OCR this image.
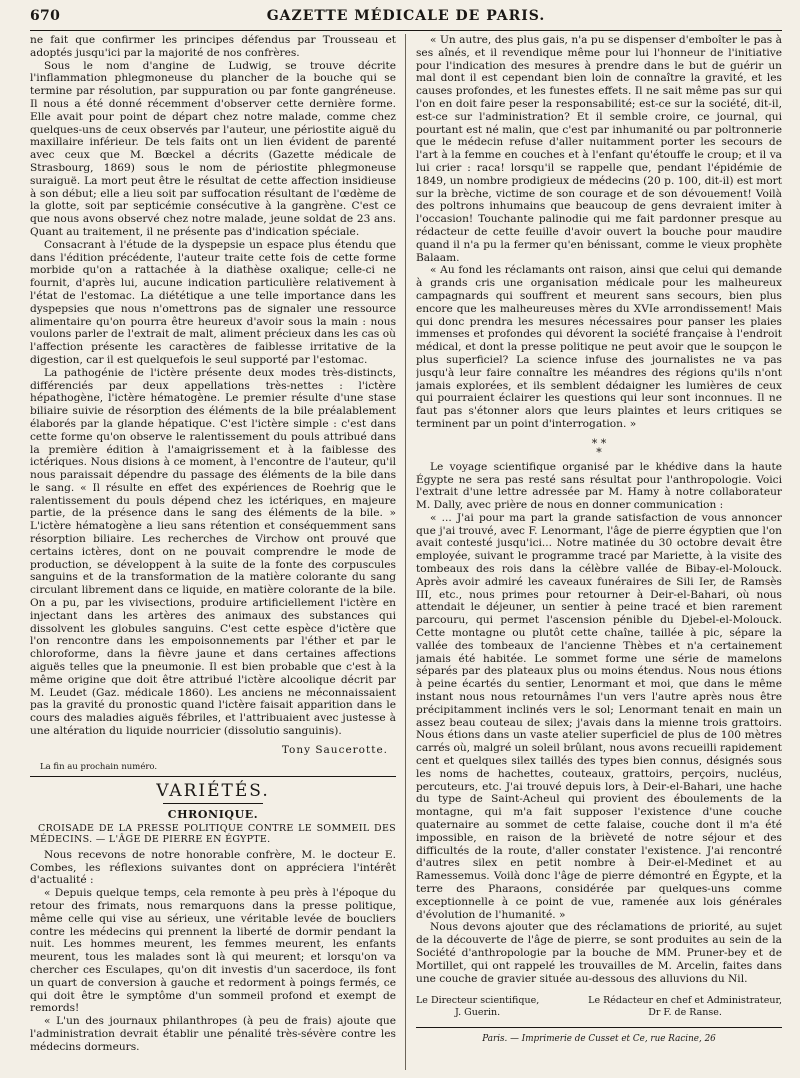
670	GAZETTE MÉDICALE DE PARIS.

ne fait que confirmer les principes défendus par Trousseau et adoptés jusqu'ici par la majorité de nos confrères.

Sous le nom d'angine de Ludwig, se trouve décrite l'inflammation phlegmoneuse du plancher de la bouche qui se termine par résolution, par suppuration ou par fonte gangréneuse. Il nous a été donné récemment d'observer cette dernière forme. Elle avait pour point de départ chez notre malade, comme chez quelques-uns de ceux observés par l'auteur, une périostite aiguë du maxillaire inférieur. De tels faits ont un lien évident de parenté avec ceux que M. Bœckel a décrits (Gazette médicale de Strasbourg, 1869) sous le nom de périostite phlegmoneuse suraiguë. La mort peut être le résultat de cette affection insidieuse à son début; elle a lieu soit par suffocation résultant de l'œdème de la glotte, soit par septicémie consécutive à la gangrène. C'est ce que nous avons observé chez notre malade, jeune soldat de 23 ans. Quant au traitement, il ne présente pas d'indication spéciale.

Consacrant à l'étude de la dyspepsie un espace plus étendu que dans l'édition précédente, l'auteur traite cette fois de cette forme morbide qu'on a rattachée à la diathèse oxalique; celle-ci ne fournit, d'après lui, aucune indication particulière relativement à l'état de l'estomac. La diététique a une telle importance dans les dyspepsies que nous n'omettrons pas de signaler une ressource alimentaire qu'on pourra être heureux d'avoir sous la main : nous voulons parler de l'extrait de malt, aliment précieux dans les cas où l'affection présente les caractères de faiblesse irritative de la digestion, car il est quelquefois le seul supporté par l'estomac.

La pathogénie de l'ictère présente deux modes très-distincts, différenciés par deux appellations très-nettes : l'ictère hépathogène, l'ictère hématogène. Le premier résulte d'une stase biliaire suivie de résorption des éléments de la bile préalablement élaborés par la glande hépatique. C'est l'ictère simple : c'est dans cette forme qu'on observe le ralentissement du pouls attribué dans la première édition à l'amaigrissement et à la faiblesse des ictériques. Nous disions à ce moment, à l'encontre de l'auteur, qu'il nous paraissait dépendre du passage des éléments de la bile dans le sang. « Il résulte en effet des expériences de Roehrig que le ralentissement du pouls dépend chez les ictériques, en majeure partie, de la présence dans le sang des éléments de la bile. » L'ictère hématogène a lieu sans rétention et conséquemment sans résorption biliaire. Les recherches de Virchow ont prouvé que certains ictères, dont on ne pouvait comprendre le mode de production, se développent à la suite de la fonte des corpuscules sanguins et de la transformation de la matière colorante du sang circulant librement dans ce liquide, en matière colorante de la bile. On a pu, par les vivisections, produire artificiellement l'ictère en injectant dans les artères des animaux des substances qui dissolvent les globules sanguins. C'est cette espèce d'ictère que l'on rencontre dans les empoisonnements par l'éther et par le chloroforme, dans la fièvre jaune et dans certaines affections aiguës telles que la pneumonie. Il est bien probable que c'est à la même origine que doit être attribué l'ictère alcoolique décrit par M. Leudet (Gaz. médicale 1860). Les anciens ne méconnaissaient pas la gravité du pronostic quand l'ictère faisait apparition dans le cours des maladies aiguës fébriles, et l'attribuaient avec justesse à une altération du liquide nourricier (dissolutio sanguinis).

Tony Saucerotte.
La fin au prochain numéro.
VARIÉTÉS.
CHRONIQUE.
CROISADE DE LA PRESSE POLITIQUE CONTRE LE SOMMEIL DES MÉDECINS. — L'ÂGE DE PIERRE EN ÉGYPTE.

Nous recevons de notre honorable confrère, M. le docteur E. Combes, les réflexions suivantes dont on appréciera l'intérêt d'actualité :

« Depuis quelque temps, cela remonte à peu près à l'époque du retour des frimats, nous remarquons dans la presse politique, même celle qui vise au sérieux, une véritable levée de boucliers contre les médecins qui prennent la liberté de dormir pendant la nuit. Les hommes meurent, les femmes meurent, les enfants meurent, tous les malades sont là qui meurent; et lorsqu'on va chercher ces Esculapes, qu'on dit investis d'un sacerdoce, ils font un quart de conversion à gauche et redorment à poings fermés, ce qui doit être le symptôme d'un sommeil profond et exempt de remords!

« L'un des journaux philanthropes (à peu de frais) ajoute que l'administration devrait établir une pénalité très-sévère contre les médecins dormeurs.

« Un autre, des plus gais, n'a pu se dispenser d'emboîter le pas à ses aînés, et il revendique même pour lui l'honneur de l'initiative pour l'indication des mesures à prendre dans le but de guérir un mal dont il est cependant bien loin de connaître la gravité, et les causes profondes, et les funestes effets. Il ne sait même pas sur qui l'on en doit faire peser la responsabilité; est-ce sur la société, dit-il, est-ce sur l'administration? Et il semble croire, ce journal, qui pourtant est né malin, que c'est par inhumanité ou par poltronnerie que le médecin refuse d'aller nuitamment porter les secours de l'art à la femme en couches et à l'enfant qu'étouffe le croup; et il va lui crier : raca! lorsqu'il se rappelle que, pendant l'épidémie de 1849, un nombre prodigieux de médecins (20 p. 100, dit-il) est mort sur la brèche, victime de son courage et de son dévouement! Voilà des poltrons inhumains que beaucoup de gens devraient imiter à l'occasion! Touchante palinodie qui me fait pardonner presque au rédacteur de cette feuille d'avoir ouvert la bouche pour maudire quand il n'a pu la fermer qu'en bénissant, comme le vieux prophète Balaam.

« Au fond les réclamants ont raison, ainsi que celui qui demande à grands cris une organisation médicale pour les malheureux campagnards qui souffrent et meurent sans secours, bien plus encore que les malheureuses mères du XVIe arrondissement! Mais qui donc prendra les mesures nécessaires pour panser les plaies immenses et profondes qui dévorent la société française à l'endroit médical, et dont la presse politique ne peut avoir que le soupçon le plus superficiel? La science infuse des journalistes ne va pas jusqu'à leur faire connaître les méandres des régions qu'ils n'ont jamais explorées, et ils semblent dédaigner les lumières de ceux qui pourraient éclairer les questions qui leur sont inconnues. Il ne faut pas s'étonner alors que leurs plaintes et leurs critiques se terminent par un point d'interrogation. »

* *
*

Le voyage scientifique organisé par le khédive dans la haute Égypte ne sera pas resté sans résultat pour l'anthropologie. Voici l'extrait d'une lettre adressée par M. Hamy à notre collaborateur M. Dally, avec prière de nous en donner communication :

« ... J'ai pour ma part la grande satisfaction de vous annoncer que j'ai trouvé, avec F. Lenormant, l'âge de pierre égyptien que l'on avait contesté jusqu'ici... Notre matinée du 30 octobre devait être employée, suivant le programme tracé par Mariette, à la visite des tombeaux des rois dans la célèbre vallée de Bibay-el-Molouck. Après avoir admiré les caveaux funéraires de Sili Ier, de Ramsès III, etc., nous primes pour retourner à Deir-el-Bahari, où nous attendait le déjeuner, un sentier à peine tracé et bien rarement parcouru, qui permet l'ascension pénible du Djebel-el-Molouck. Cette montagne ou plutôt cette chaîne, taillée à pic, sépare la vallée des tombeaux de l'ancienne Thèbes et n'a certainement jamais été habitée. Le sommet forme une série de mamelons séparés par des plateaux plus ou moins étendus. Nous nous étions à peine écartés du sentier, Lenormant et moi, que dans le même instant nous nous retournâmes l'un vers l'autre après nous être précipitamment inclinés vers le sol; Lenormant tenait en main un assez beau couteau de silex; j'avais dans la mienne trois grattoirs. Nous étions dans un vaste atelier superficiel de plus de 100 mètres carrés où, malgré un soleil brûlant, nous avons recueilli rapidement cent et quelques silex taillés des types bien connus, désignés sous les noms de hachettes, couteaux, grattoirs, perçoirs, nucléus, percuteurs, etc. J'ai trouvé depuis lors, à Deir-el-Bahari, une hache du type de Saint-Acheul qui provient des éboulements de la montagne, qui m'a fait supposer l'existence d'une couche quaternaire au sommet de cette falaise, couche dont il m'a été impossible, en raison de la brièveté de notre séjour et des difficultés de la route, d'aller constater l'existence. J'ai rencontré d'autres silex en petit nombre à Deir-el-Medinet et au Ramessemus. Voilà donc l'âge de pierre démontré en Égypte, et la terre des Pharaons, considérée par quelques-uns comme exceptionnelle à ce point de vue, ramenée aux lois générales d'évolution de l'humanité. »

Nous devons ajouter que des réclamations de priorité, au sujet de la découverte de l'âge de pierre, se sont produites au sein de la Société d'anthropologie par la bouche de MM. Pruner-bey et de Mortillet, qui ont rappelé les trouvailles de M. Arcelin, faites dans une couche de gravier située au-dessous des alluvions du Nil.

Le Directeur scientifique,
J. Guerin.
Le Rédacteur en chef et Administrateur,
Dr F. de Ranse.
Paris. — Imprimerie de Cusset et Ce, rue Racine, 26
